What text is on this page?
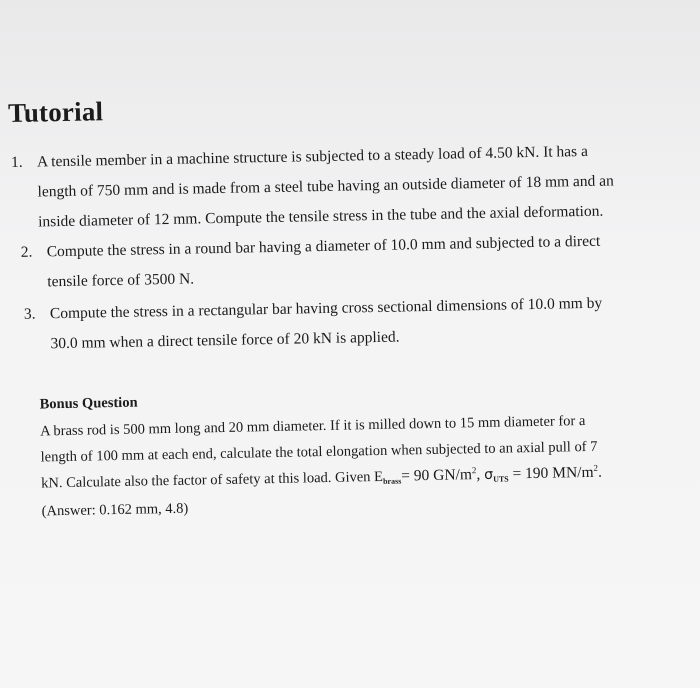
Tutorial
1. A tensile member in a machine structure is subjected to a steady load of 4.50 kN. It has a
length of 750 mm and is made from a steel tube having an outside diameter of 18 mm and an
inside diameter of 12 mm. Compute the tensile stress in the tube and the axial deformation.
2. Compute the stress in a round bar having a diameter of 10.0 mm and subjected to a direct
tensile force of 3500 N.
3. Compute the stress in a rectangular bar having cross sectional dimensions of 10.0 mm by
30.0 mm when a direct tensile force of 20 kN is applied.
Bonus Question
A brass rod is 500 mm long and 20 mm diameter. If it is milled down to 15 mm diameter for a
length of 100 mm at each end, calculate the total elongation when subjected to an axial pull of 7
kN. Calculate also the factor of safety at this load. Given $E_{brass}= 90$ $GN/m^2$, $\sigma_{UTS} = 190$ $MN/m^2$.
(Answer: 0.162 mm, 4.8)
